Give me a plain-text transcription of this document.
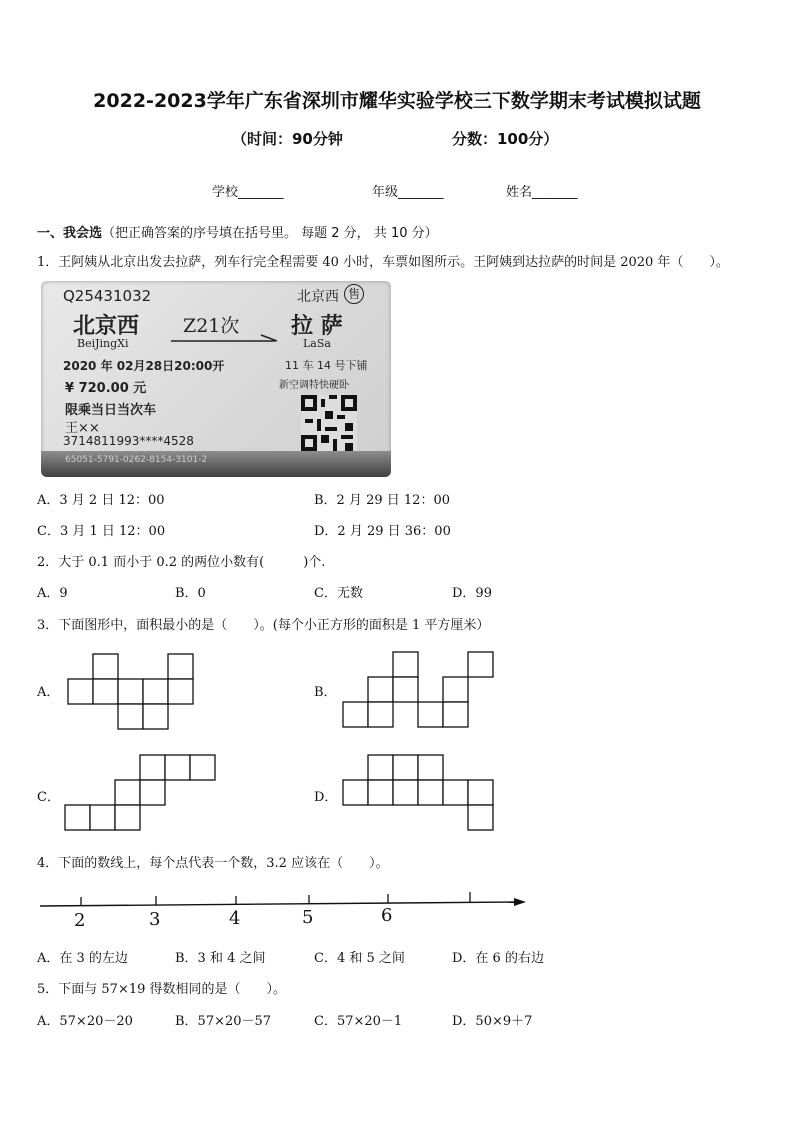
2022-2023学年广东省深圳市耀华实验学校三下数学期末考试模拟试题
（时间：90分钟	分数：100分）
学校_______	年级_______	姓名_______
一、我会选（把正确答案的序号填在括号里。 每题 2 分， 共 10 分）
1．王阿姨从北京出发去拉萨，列车行完全程需要 40 小时，车票如图所示。王阿姨到达拉萨的时间是 2020 年（　　）。
Q25431032	北京西 售
北京西
BeiJingXi
Z21次 拉 萨
LaSa
2020 年 02月28日20:00开	11 车 14 号下铺
¥ 720.00 元	新空调特快硬卧
限乘当日当次车
王××
3714811993****4528
65051-5791-0262-8154-3101-2
A．3 月 2 日 12：00	B．2 月 29 日 12：00
C．3 月 1 日 12：00	D．2 月 29 日 36：00
2．大于 0.1 而小于 0.2 的两位小数有(　　　)个.
A．9	B．0	C．无数	D．99
3．下面图形中，面积最小的是（　　）。(每个小正方形的面积是 1 平方厘米）
A．	B．
C．	D．
4．下面的数线上，每个点代表一个数，3.2 应该在（　　）。
2	3	4	5	6
A．在 3 的左边	B．3 和 4 之间	C．4 和 5 之间	D．在 6 的右边
5．下面与 57×19 得数相同的是（　　）。
A．57×20－20	B．57×20－57	C．57×20－1	D．50×9＋7
